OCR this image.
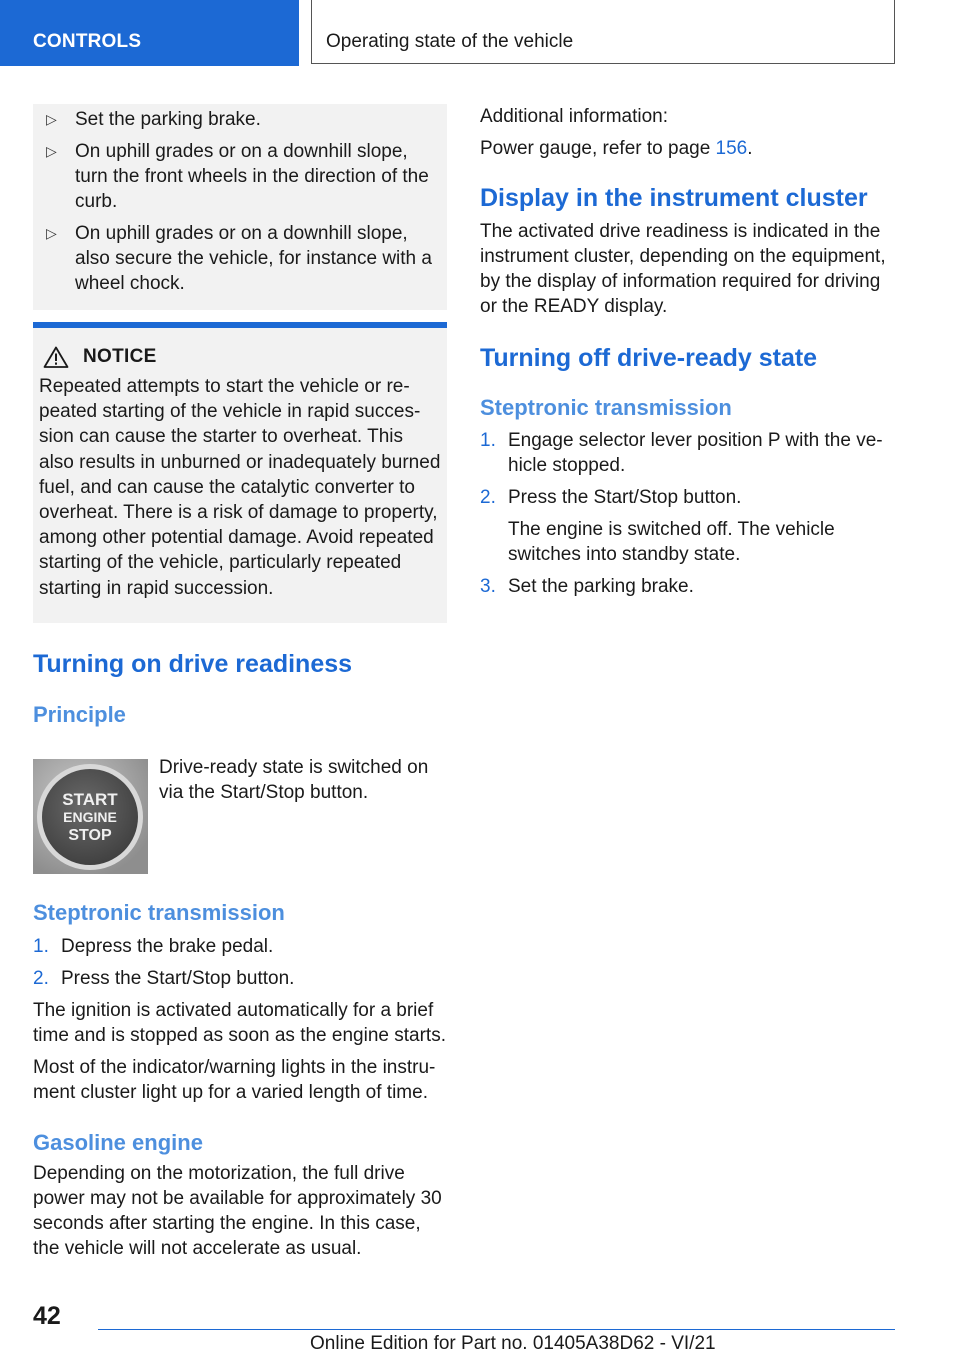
CONTROLS	Operating state of the vehicle
▷ Set the parking brake.
▷ On uphill grades or on a downhill slope, turn the front wheels in the direction of the curb.
▷ On uphill grades or on a downhill slope, also secure the vehicle, for instance with a wheel chock.
NOTICE

Repeated attempts to start the vehicle or re-peated starting of the vehicle in rapid succes-sion can cause the starter to overheat. This also results in unburned or inadequately burned fuel, and can cause the catalytic converter to overheat. There is a risk of damage to property, among other potential damage. Avoid repeated starting of the vehicle, particularly repeated starting in rapid succession.

Turning on drive readiness
Principle
START
ENGINE
STOP
Drive-ready state is switched on via the Start/Stop button.
Steptronic transmission
1. Depress the brake pedal.
2. Press the Start/Stop button.

The ignition is activated automatically for a brief time and is stopped as soon as the engine starts.

Most of the indicator/warning lights in the instru-ment cluster light up for a varied length of time.

Gasoline engine

Depending on the motorization, the full drive power may not be available for approximately 30 seconds after starting the engine. In this case, the vehicle will not accelerate as usual.

Additional information:

Power gauge, refer to page 156.

Display in the instrument cluster

The activated drive readiness is indicated in the instrument cluster, depending on the equipment, by the display of information required for driving or the READY display.

Turning off drive-ready state
Steptronic transmission
1. Engage selector lever position P with the ve-hicle stopped.
2. Press the Start/Stop button.

The engine is switched off. The vehicle switches into standby state.

3. Set the parking brake.
42
Online Edition for Part no. 01405A38D62 - VI/21
